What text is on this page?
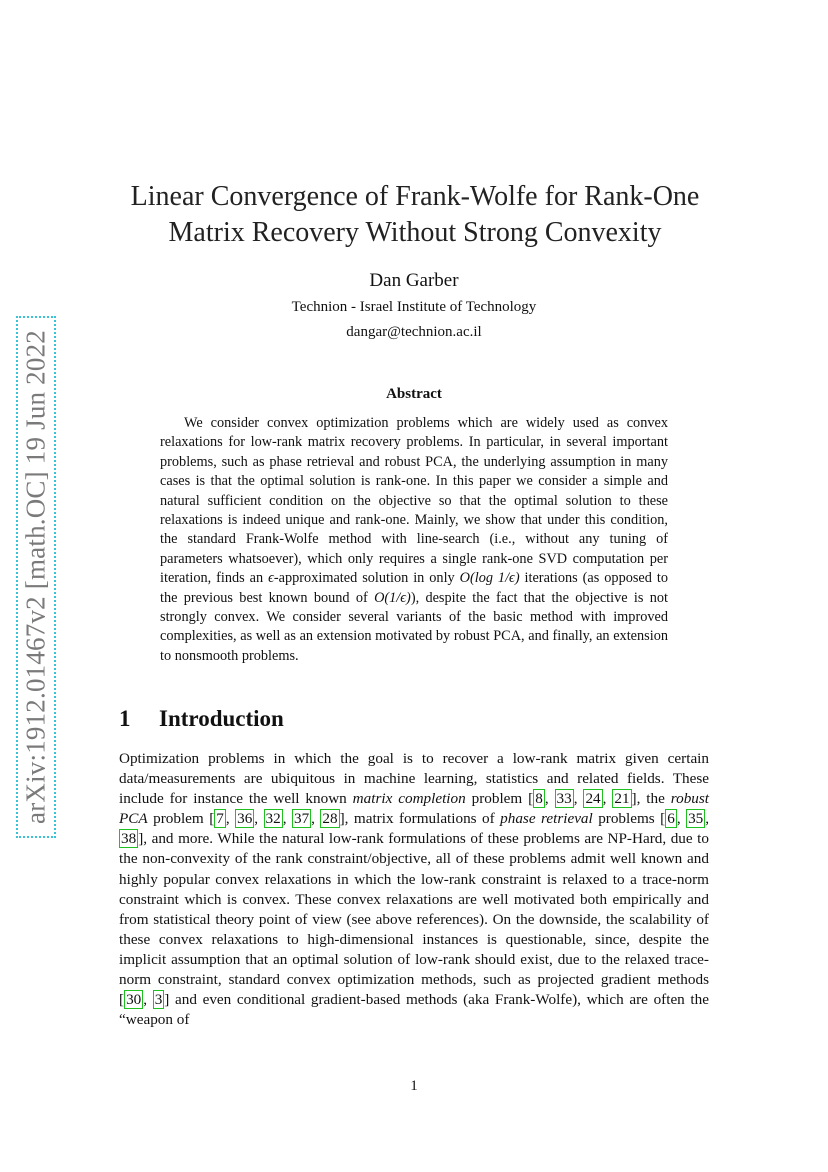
arXiv:1912.01467v2 [math.OC] 19 Jun 2022
Linear Convergence of Frank-Wolfe for Rank-One Matrix Recovery Without Strong Convexity
Dan Garber
Technion - Israel Institute of Technology
dangar@technion.ac.il
Abstract

We consider convex optimization problems which are widely used as convex relaxations for low-rank matrix recovery problems. In particular, in several important problems, such as phase retrieval and robust PCA, the underlying assumption in many cases is that the optimal solution is rank-one. In this paper we consider a simple and natural sufficient condition on the objective so that the optimal solution to these relaxations is indeed unique and rank-one. Mainly, we show that under this condition, the standard Frank-Wolfe method with line-search (i.e., without any tuning of parameters whatsoever), which only requires a single rank-one SVD computation per iteration, finds an ϵ-approximated solution in only O(log 1/ϵ) iterations (as opposed to the previous best known bound of O(1/ϵ)), despite the fact that the objective is not strongly convex. We consider several variants of the basic method with improved complexities, as well as an extension motivated by robust PCA, and finally, an extension to nonsmooth problems.

1 Introduction

Optimization problems in which the goal is to recover a low-rank matrix given certain data/measurements are ubiquitous in machine learning, statistics and related fields. These include for instance the well known matrix completion problem [ 8 , 33 , 24 , 21 ], the robust PCA problem [ 7 , 36 , 32 , 37 , 28 ], matrix formulations of phase retrieval problems [ 6 , 35 , 38 ], and more. While the natural low-rank formulations of these problems are NP-Hard, due to the non-convexity of the rank constraint/objective, all of these problems admit well known and highly popular convex relaxations in which the low-rank constraint is relaxed to a trace-norm constraint which is convex. These convex relaxations are well motivated both empirically and from statistical theory point of view (see above references). On the downside, the scalability of these convex relaxations to high-dimensional instances is questionable, since, despite the implicit assumption that an optimal solution of low-rank should exist, due to the relaxed trace-norm constraint, standard convex optimization methods, such as projected gradient methods [ 30 , 3 ] and even conditional gradient-based methods (aka Frank-Wolfe), which are often the “weapon of

1
